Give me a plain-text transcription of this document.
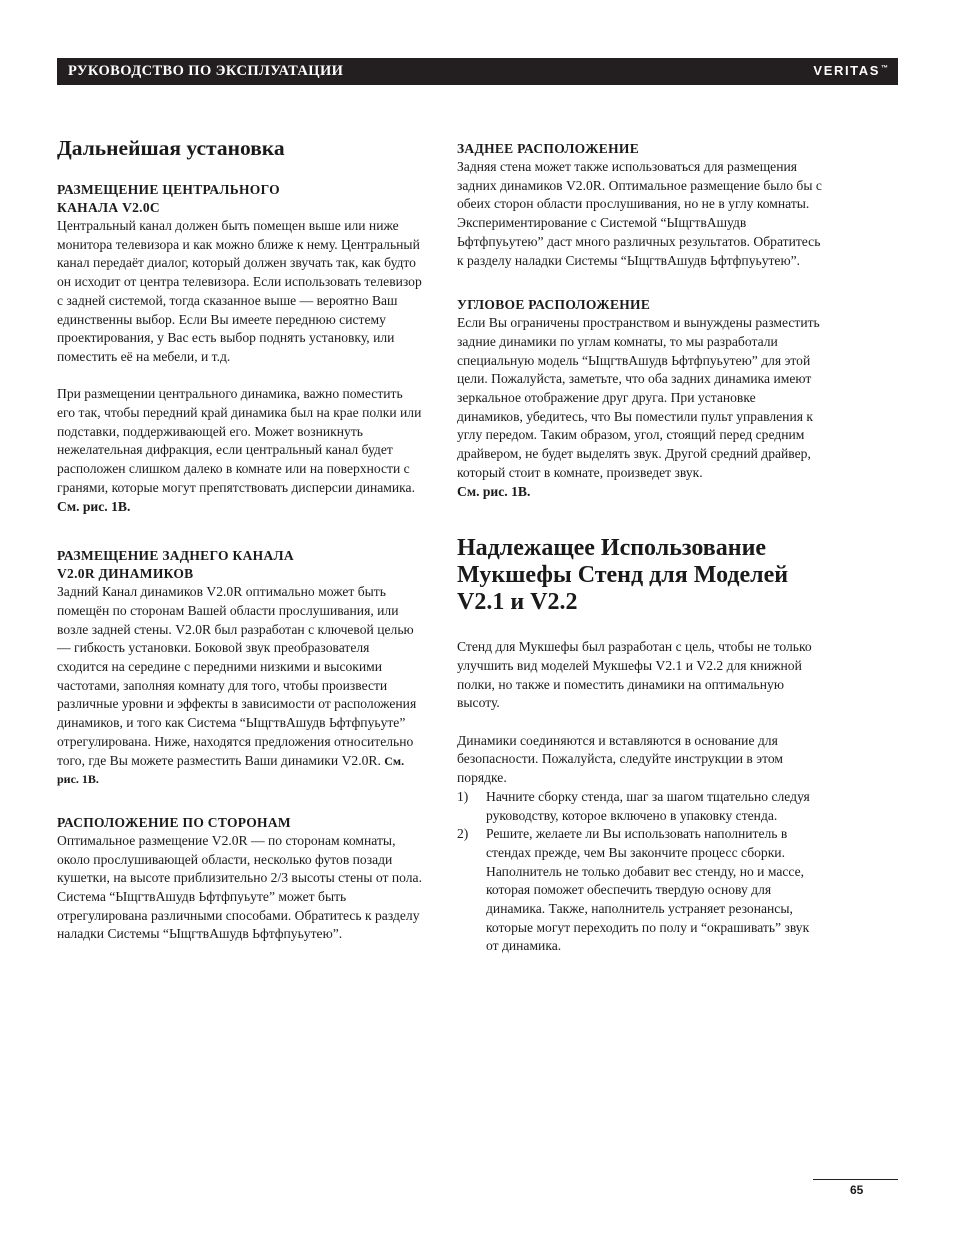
РУКОВОДСТВО ПО ЭКСПЛУАТАЦИИ	VERITAS™
Дальнейшая установка
РАЗМЕЩЕНИЕ ЦЕНТРАЛЬНОГО
КАНАЛА V2.0C

Центральный канал должен быть помещен выше или ниже монитора телевизора и как можно ближе к нему. Центральный канал передаёт диалог, который должен звучать так, как будто он исходит от центра телевизора. Если использовать телевизор с задней системой, тогда сказанное выше — вероятно Ваш единственны выбор. Если Вы имеете переднюю систему проектирования, у Вас есть выбор поднять установку, или поместить её на мебели, и т.д.

При размещении центрального динамика, важно поместить его так, чтобы передний край динамика был на крае полки или подставки, поддерживающей его. Может возникнуть нежелательная дифракция, если центральный канал будет расположен слишком далеко в комнате или на поверхности с гранями, которые могут препятствовать дисперсии динамика.

См. рис. 1В.

РАЗМЕЩЕНИЕ ЗАДНЕГО КАНАЛА
V2.0R ДИНАМИКОВ

Задний Канал динамиков V2.0R оптимально может быть помещён по сторонам Вашей области прослушивания, или возле задней стены. V2.0R был разработан с ключевой целью — гибкость установки. Боковой звук преобразователя сходится на середине с передними низкими и высокими частотами, заполняя комнату для того, чтобы произвести различные уровни и эффекты в зависимости от расположения динамиков, и того как Система “ЫщгтвАшудв Ьфтфпуьуте” отрегулирована. Ниже, находятся предложения относительно того, где Вы можете разместить Ваши динамики V2.0R. См. рис. 1В.

РАСПОЛОЖЕНИЕ ПО СТОРОНАМ

Оптимальное размещение V2.0R — по сторонам комнаты, около прослушивающей области, несколько футов позади кушетки, на высоте приблизительно 2/3 высоты стены от пола. Система “ЫщгтвАшудв Ьфтфпуьуте” может быть отрегулирована различными способами. Обратитесь к разделу наладки Системы “ЫщгтвАшудв Ьфтфпуьутею”.

ЗАДНЕЕ РАСПОЛОЖЕНИЕ

Задняя стена может также использоваться для размещения задних динамиков V2.0R. Оптимальное размещение было бы с обеих сторон области прослушивания, но не в углу комнаты. Экспериментирование с Системой “ЫщгтвАшудв Ьфтфпуьутею” даст много различных результатов. Обратитесь к разделу наладки Системы “ЫщгтвАшудв Ьфтфпуьутею”.

УГЛОВОЕ РАСПОЛОЖЕНИЕ

Если Вы ограничены пространством и вынуждены разместить задние динамики по углам комнаты, то мы разработали специальную модель “ЫщгтвАшудв Ьфтфпуьутею” для этой цели. Пожалуйста, заметьте, что оба задних динамика имеют зеркальное отображение друг друга. При установке динамиков, убедитесь, что Вы поместили пульт управления к углу передом. Таким образом, угол, стоящий перед средним драйвером, не будет выделять звук. Другой средний драйвер, который стоит в комнате, произведет звук.

См. рис. 1В.

Надлежащее Использование
Мукшефы Стенд для Моделей
V2.1 и V2.2

Стенд для Мукшефы был разработан с цель, чтобы не только улучшить вид моделей Мукшефы V2.1 и V2.2 для книжной полки, но также и поместить динамики на оптимальную высоту.

Динамики соединяются и вставляются в основание для безопасности. Пожалуйста, следуйте инструкции в этом порядке.

1) Начните сборку стенда, шаг за шагом тщательно следуя руководству, которое включено в упаковку стенда.
2) Решите, желаете ли Вы использовать наполнитель в стендах прежде, чем Вы закончите процесс сборки. Наполнитель не только добавит вес стенду, но и массе, которая поможет обеспечить твердую основу для динамика. Также, наполнитель устраняет резонансы, которые могут переходить по полу и “окрашивать” звук от динамика.
65
